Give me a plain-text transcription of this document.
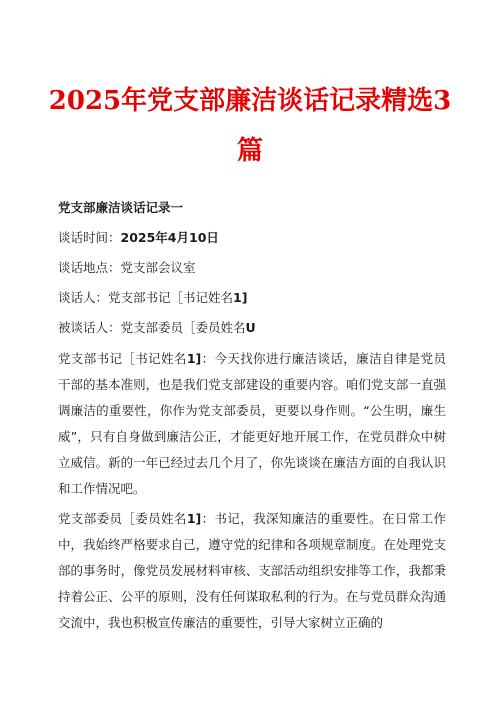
2025年党支部廉洁谈话记录精选3篇

党支部廉洁谈话记录一

谈话时间：2025年4月10日

谈话地点：党支部会议室

谈话人：党支部书记［书记姓名1]

被谈话人：党支部委员［委员姓名U

党支部书记［书记姓名1]：今天找你进行廉洁谈话，廉洁自律是党员干部的基本准则，也是我们党支部建设的重要内容。咱们党支部一直强调廉洁的重要性，你作为党支部委员，更要以身作则。“公生明，廉生威”，只有自身做到廉洁公正，才能更好地开展工作，在党员群众中树立威信。新的一年已经过去几个月了，你先谈谈在廉洁方面的自我认识和工作情况吧。

党支部委员［委员姓名1]：书记，我深知廉洁的重要性。在日常工作中，我始终严格要求自己，遵守党的纪律和各项规章制度。在处理党支部的事务时，像党员发展材料审核、支部活动组织安排等工作，我都秉持着公正、公平的原则，没有任何谋取私利的行为。在与党员群众沟通交流中，我也积极宣传廉洁的重要性，引导大家树立正确的
